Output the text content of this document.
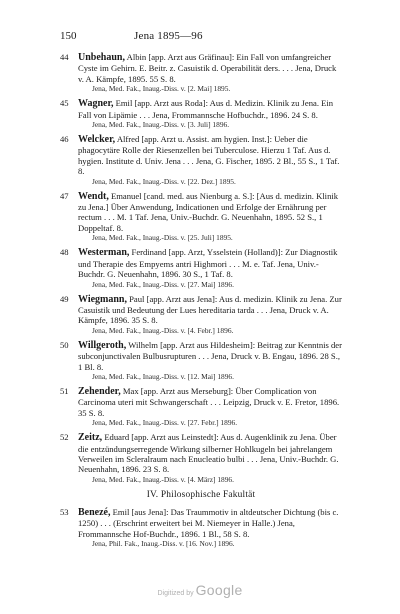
150	Jena 1895—96
44 Unbehaun, Albin [app. Arzt aus Gräfinau]: Ein Fall von umfangreicher Cyste im Gehirn. E. Beitr. z. Casuistik d. Operabilität ders. . . . Jena, Druck v. A. Kämpfe, 1895. 55 S. 8.
Jena, Med. Fak., Inaug.-Diss. v. [2. Mai] 1895.
45 Wagner, Emil [app. Arzt aus Roda]: Aus d. Medizin. Klinik zu Jena. Ein Fall von Lipämie . . . Jena, Frommannsche Hofbuchdr., 1896. 24 S. 8.
Jena, Med. Fak., Inaug.-Diss. v. [3. Juli] 1896.
46 Welcker, Alfred [app. Arzt u. Assist. am hygien. Inst.]: Ueber die phagocytäre Rolle der Riesenzellen bei Tuberculose. Hierzu 1 Taf. Aus d. hygien. Institute d. Univ. Jena . . . Jena, G. Fischer, 1895. 2 Bl., 55 S., 1 Taf. 8.
Jena, Med. Fak., Inaug.-Diss. v. [22. Dez.] 1895.
47 Wendt, Emanuel [cand. med. aus Nienburg a. S.]: [Aus d. medizin. Klinik zu Jena.] Über Anwendung, Indicationen und Erfolge der Ernährung per rectum . . . M. 1 Taf. Jena, Univ.-Buchdr. G. Neuenhahn, 1895. 52 S., 1 Doppeltaf. 8.
Jena, Med. Fak., Inaug.-Diss. v. [25. Juli] 1895.
48 Westerman, Ferdinand [app. Arzt, Ysselstein (Holland)]: Zur Diagnostik und Therapie des Empyems antri Highmori . . . M. e. Taf. Jena, Univ.-Buchdr. G. Neuenhahn, 1896. 30 S., 1 Taf. 8.
Jena, Med. Fak., Inaug.-Diss. v. [27. Mai] 1896.
49 Wiegmann, Paul [app. Arzt aus Jena]: Aus d. medizin. Klinik zu Jena. Zur Casuistik und Bedeutung der Lues hereditaria tarda . . . Jena, Druck v. A. Kämpfe, 1896. 35 S. 8.
Jena, Med. Fak., Inaug.-Diss. v. [4. Febr.] 1896.
50 Willgeroth, Wilhelm [app. Arzt aus Hildesheim]: Beitrag zur Kenntnis der subconjunctivalen Bulbusrupturen . . . Jena, Druck v. B. Engau, 1896. 28 S., 1 Bl. 8.
Jena, Med. Fak., Inaug.-Diss. v. [12. Mai] 1896.
51 Zehender, Max [app. Arzt aus Merseburg]: Über Complication von Carcinoma uteri mit Schwangerschaft . . . Leipzig, Druck v. E. Fretor, 1896. 35 S. 8.
Jena, Med. Fak., Inaug.-Diss. v. [27. Febr.] 1896.
52 Zeitz, Eduard [app. Arzt aus Leinstedt]: Aus d. Augenklinik zu Jena. Über die entzündungserregende Wirkung silberner Hohlkugeln bei jahrelangem Verweilen im Scleralraum nach Enucleatio bulbi . . . Jena, Univ.-Buchdr. G. Neuenhahn, 1896. 23 S. 8.
Jena, Med. Fak., Inaug.-Diss. v. [4. März] 1896.
IV. Philosophische Fakultät
53 Benezé, Emil [aus Jena]: Das Traummotiv in altdeutscher Dichtung (bis c. 1250) . . . (Erschrint erweitert bei M. Niemeyer in Halle.) Jena, Frommannsche Hof-Buchdr., 1896. 1 Bl., 58 S. 8.
Jena, Phil. Fak., Inaug.-Diss. v. [16. Nov.] 1896.
Digitized by Google
